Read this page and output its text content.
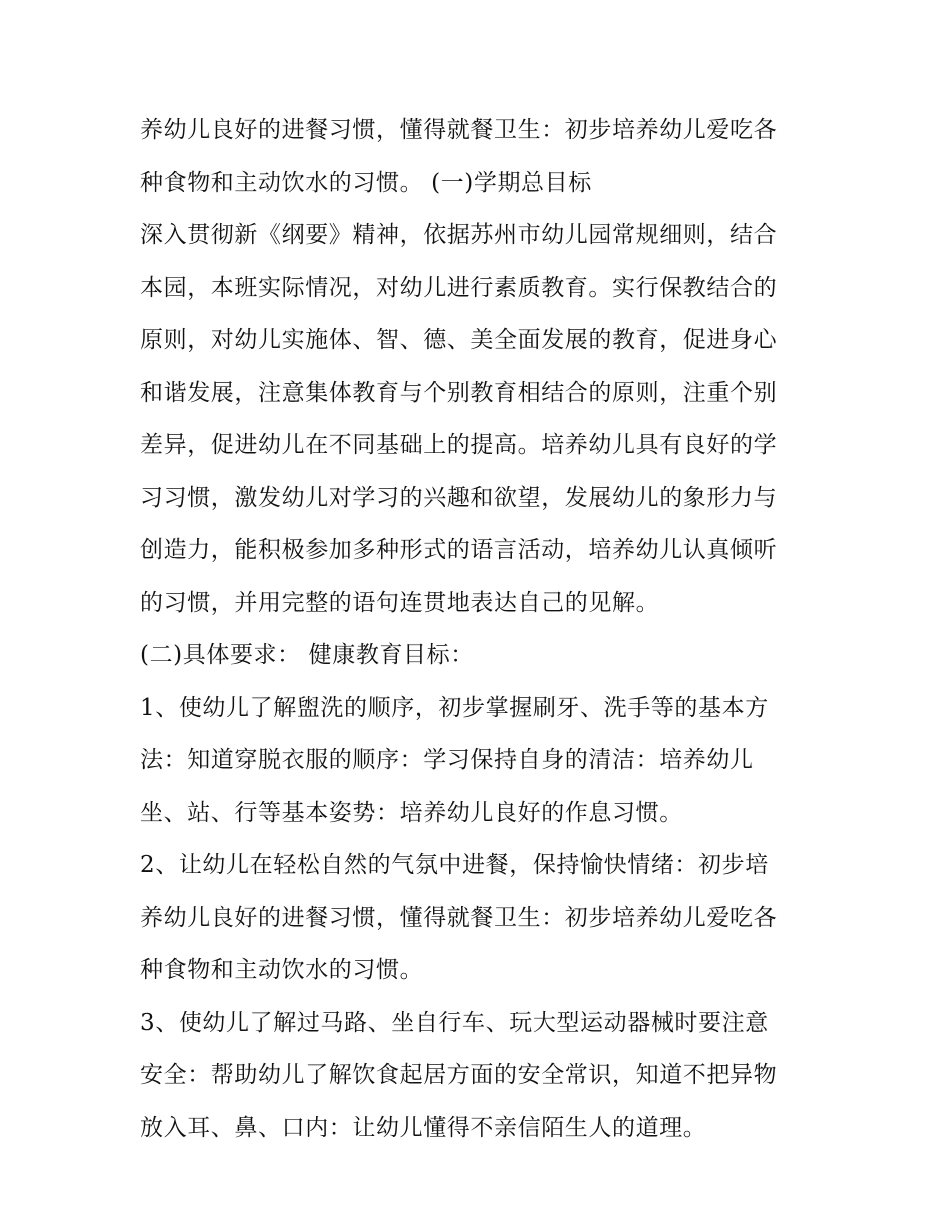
养幼儿良好的进餐习惯，懂得就餐卫生：初步培养幼儿爱吃各
种食物和主动饮水的习惯。 (一)学期总目标
深入贯彻新《纲要》精神，依据苏州市幼儿园常规细则，结合
本园，本班实际情况，对幼儿进行素质教育。实行保教结合的
原则，对幼儿实施体、智、德、美全面发展的教育，促进身心
和谐发展，注意集体教育与个别教育相结合的原则，注重个别
差异，促进幼儿在不同基础上的提高。培养幼儿具有良好的学
习习惯，激发幼儿对学习的兴趣和欲望，发展幼儿的象形力与
创造力，能积极参加多种形式的语言活动，培养幼儿认真倾听
的习惯，并用完整的语句连贯地表达自己的见解。
(二)具体要求： 健康教育目标：
1、使幼儿了解盥洗的顺序，初步掌握刷牙、洗手等的基本方
法：知道穿脱衣服的顺序：学习保持自身的清洁：培养幼儿
坐、站、行等基本姿势：培养幼儿良好的作息习惯。
2、让幼儿在轻松自然的气氛中进餐，保持愉快情绪：初步培
养幼儿良好的进餐习惯，懂得就餐卫生：初步培养幼儿爱吃各
种食物和主动饮水的习惯。
3、使幼儿了解过马路、坐自行车、玩大型运动器械时要注意
安全：帮助幼儿了解饮食起居方面的安全常识，知道不把异物
放入耳、鼻、口内：让幼儿懂得不亲信陌生人的道理。
